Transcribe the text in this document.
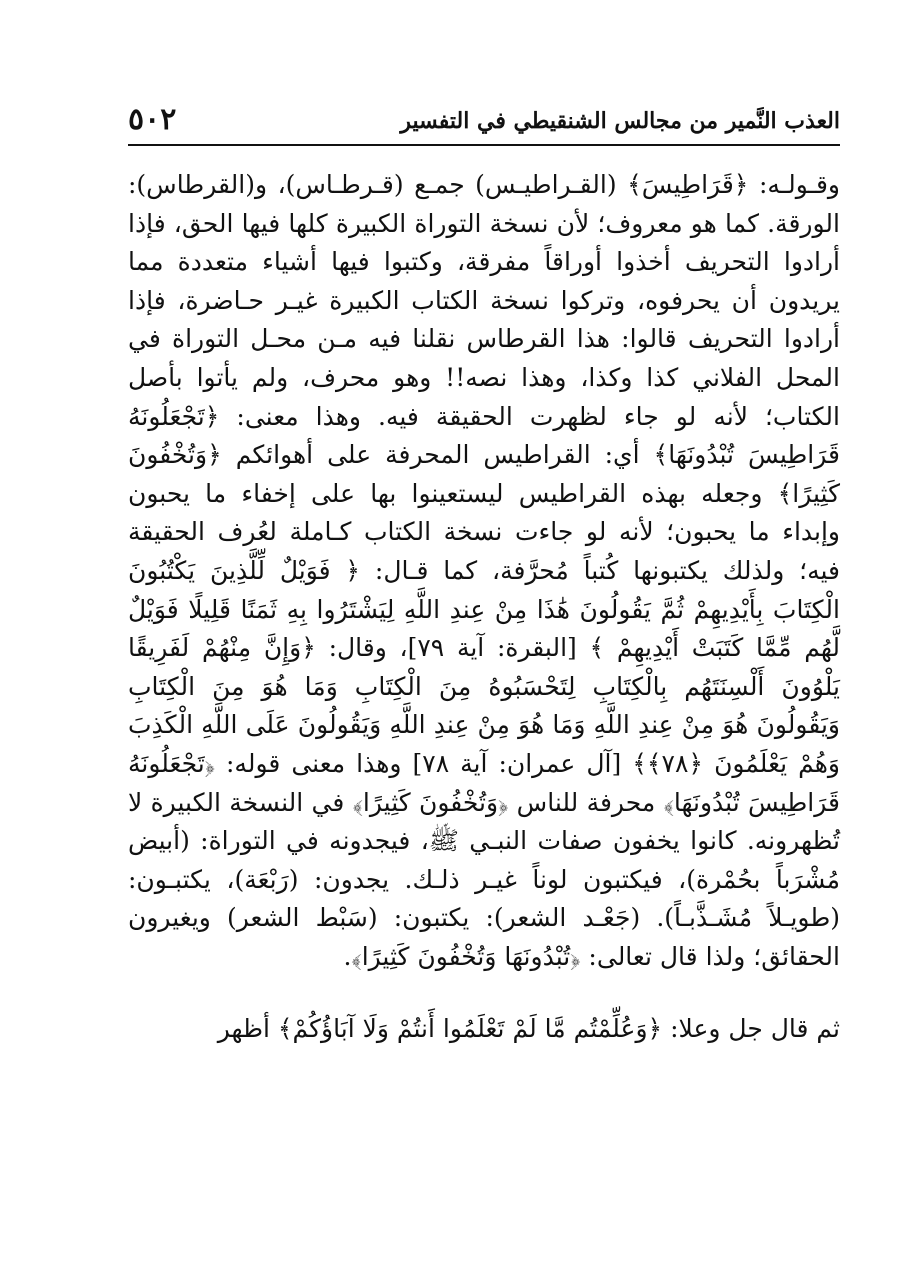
العذب النَّمير من مجالس الشنقيطي في التفسير
٥٠٢

وقـولـه: ﴿قَرَاطِيسَ﴾ (القـراطيـس) جمـع (قـرطـاس)، و(القرطاس): الورقة. كما هو معروف؛ لأن نسخة التوراة الكبيرة كلها فيها الحق، فإذا أرادوا التحريف أخذوا أوراقاً مفرقة، وكتبوا فيها أشياء متعددة مما يريدون أن يحرفوه، وتركوا نسخة الكتاب الكبيرة غيـر حـاضرة، فإذا أرادوا التحريف قالوا: هذا القرطاس نقلنا فيه مـن محـل التوراة في المحل الفلاني كذا وكذا، وهذا نصه!! وهو محرف، ولم يأتوا بأصل الكتاب؛ لأنه لو جاء لظهرت الحقيقة فيه. وهذا معنى: ﴿تَجْعَلُونَهُ قَرَاطِيسَ تُبْدُونَهَا﴾ أي: القراطيس المحرفة على أهوائكم ﴿وَتُخْفُونَ كَثِيرًا﴾ وجعله بهذه القراطيس ليستعينوا بها على إخفاء ما يحبون وإبداء ما يحبون؛ لأنه لو جاءت نسخة الكتاب كـاملة لعُرف الحقيقة فيه؛ ولذلك يكتبونها كُتباً مُحرَّفة، كما قـال: ﴿ فَوَيْلٌ لِّلَّذِينَ يَكْتُبُونَ الْكِتَابَ بِأَيْدِيهِمْ ثُمَّ يَقُولُونَ هَٰذَا مِنْ عِندِ اللَّهِ لِيَشْتَرُوا بِهِ ثَمَنًا قَلِيلًا فَوَيْلٌ لَّهُم مِّمَّا كَتَبَتْ أَيْدِيهِمْ ﴾ [البقرة: آية ٧٩]، وقال: ﴿وَإِنَّ مِنْهُمْ لَفَرِيقًا يَلْوُونَ أَلْسِنَتَهُم بِالْكِتَابِ لِتَحْسَبُوهُ مِنَ الْكِتَابِ وَمَا هُوَ مِنَ الْكِتَابِ وَيَقُولُونَ هُوَ مِنْ عِندِ اللَّهِ وَمَا هُوَ مِنْ عِندِ اللَّهِ وَيَقُولُونَ عَلَى اللَّهِ الْكَذِبَ وَهُمْ يَعْلَمُونَ ﴿٧٨﴾﴾ [آل عمران: آية ٧٨] وهذا معنى قوله: ﴿تَجْعَلُونَهُ قَرَاطِيسَ تُبْدُونَهَا﴾ محرفة للناس ﴿وَتُخْفُونَ كَثِيرًا﴾ في النسخة الكبيرة لا تُظهرونه. كانوا يخفون صفات النبـي ﷺ، فيجدونه في التوراة: (أبيض مُشْرَباً بحُمْرة)، فيكتبون لوناً غيـر ذلـك. يجدون: (رَبْعَة)، يكتبـون: (طويـلاً مُشَـذَّبـاً). (جَعْـد الشعر): يكتبون: (سَبْط الشعر) ويغيرون الحقائق؛ ولذا قال تعالى: ﴿تُبْدُونَهَا وَتُخْفُونَ كَثِيرًا﴾.

ثم قال جل وعلا: ﴿وَعُلِّمْتُم مَّا لَمْ تَعْلَمُوا أَنتُمْ وَلَا آبَاؤُكُمْ﴾ أظهر
